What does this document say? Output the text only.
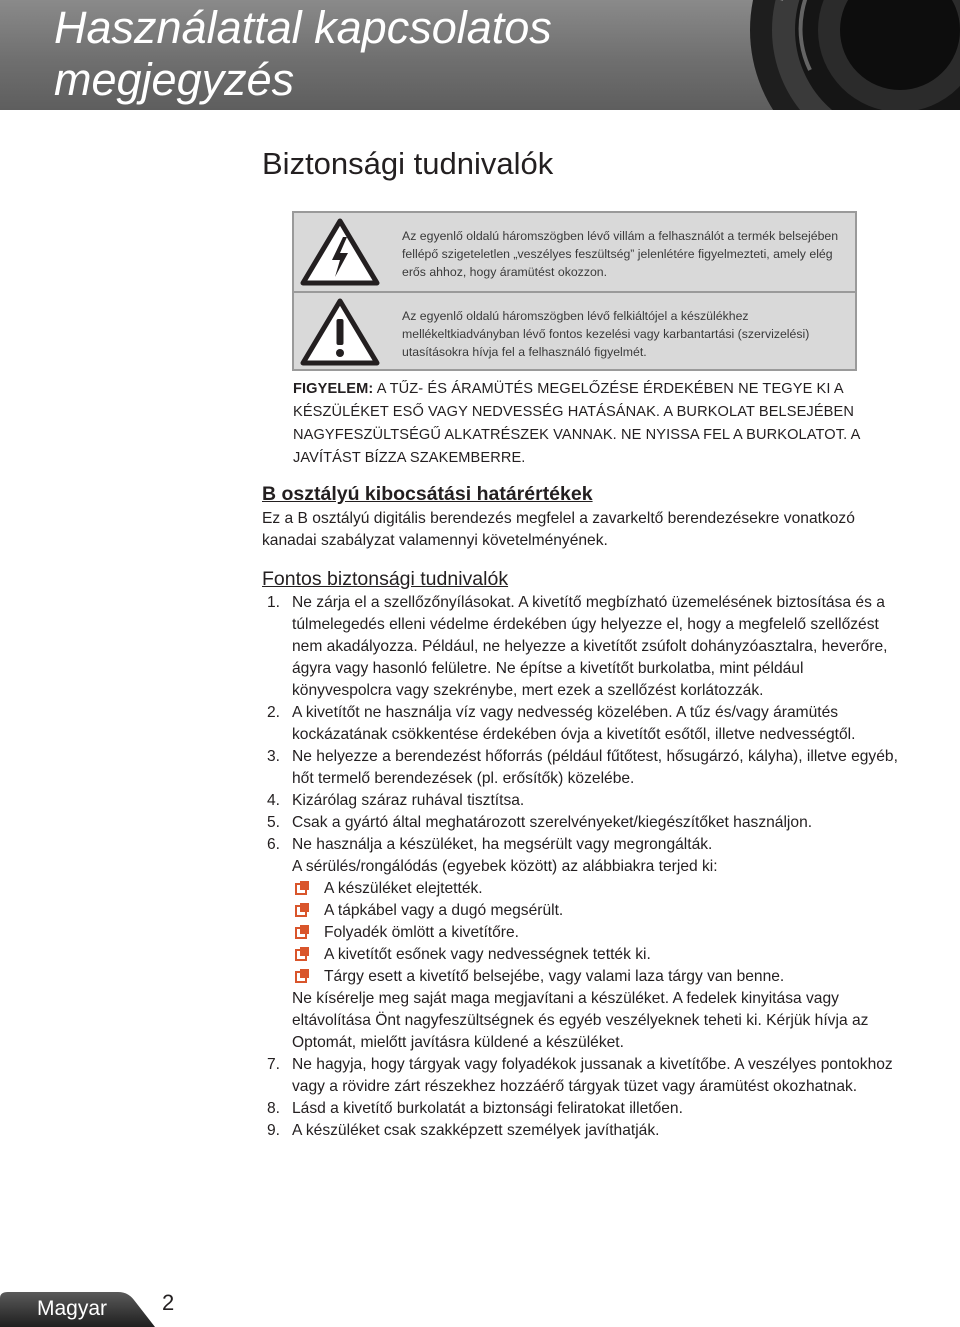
Használattal kapcsolatos
megjegyzés
Biztonsági tudnivalók
Az egyenlő oldalú háromszögben lévő villám a felhasználót a termék belsejében fellépő szigeteletlen „veszélyes feszültség” jelenlétére figyelmezteti, amely elég erős ahhoz, hogy áramütést okozzon.
Az egyenlő oldalú háromszögben lévő felkiáltójel a készülékhez mellékeltkiadványban lévő fontos kezelési vagy karbantartási (szervizelési) utasításokra hívja fel a felhasználó figyelmét.
FIGYELEM: A TŰZ- ÉS ÁRAMÜTÉS MEGELŐZÉSE ÉRDEKÉBEN NE TEGYE KI A KÉSZÜLÉKET ESŐ VAGY NEDVESSÉG HATÁSÁNAK. A BURKOLAT BELSEJÉBEN NAGYFESZÜLTSÉGŰ ALKATRÉSZEK VANNAK. NE NYISSA FEL A BURKOLATOT. A JAVÍTÁST BÍZZA SZAKEMBERRE.
B osztályú kibocsátási határértékek
Ez a B osztályú digitális berendezés megfelel a zavarkeltő berendezésekre vonatkozó kanadai szabályzat valamennyi követelményének.
Fontos biztonsági tudnivalók
1. Ne zárja el a szellőzőnyílásokat. A kivetítő megbízható üzemelésének biztosítása és a túlmelegedés elleni védelme érdekében úgy helyezze el, hogy a megfelelő szellőzést nem akadályozza. Például, ne helyezze a kivetítőt zsúfolt dohányzóasztalra, heverőre, ágyra vagy hasonló felületre. Ne építse a kivetítőt burkolatba, mint például könyvespolcra vagy szekrénybe, mert ezek a szellőzést korlátozzák.
2. A kivetítőt ne használja víz vagy nedvesség közelében. A tűz és/vagy áramütés kockázatának csökkentése érdekében óvja a kivetítőt esőtől, illetve nedvességtől.
3. Ne helyezze a berendezést hőforrás (például fűtőtest, hősugárzó, kályha), illetve egyéb, hőt termelő berendezések (pl. erősítők) közelébe.
4. Kizárólag száraz ruhával tisztítsa.
5. Csak a gyártó által meghatározott szerelvényeket/kiegészítőket használjon.
6. Ne használja a készüléket, ha megsérült vagy megrongálták.
A sérülés/rongálódás (egyebek között) az alábbiakra terjed ki:
A készüléket elejtették.
A tápkábel vagy a dugó megsérült.
Folyadék ömlött a kivetítőre.
A kivetítőt esőnek vagy nedvességnek tették ki.
Tárgy esett a kivetítő belsejébe, vagy valami laza tárgy van benne.
Ne kísérelje meg saját maga megjavítani a készüléket. A fedelek kinyitása vagy eltávolítása Önt nagyfeszültségnek és egyéb veszélyeknek teheti ki. Kérjük hívja az Optomát, mielőtt javításra küldené a készüléket.
7. Ne hagyja, hogy tárgyak vagy folyadékok jussanak a kivetítőbe. A veszélyes pontokhoz vagy a rövidre zárt részekhez hozzáérő tárgyak tüzet vagy áramütést okozhatnak.
8. Lásd a kivetítő burkolatát a biztonsági feliratokat illetően.
9. A készüléket csak szakképzett személyek javíthatják.
Magyar 2
